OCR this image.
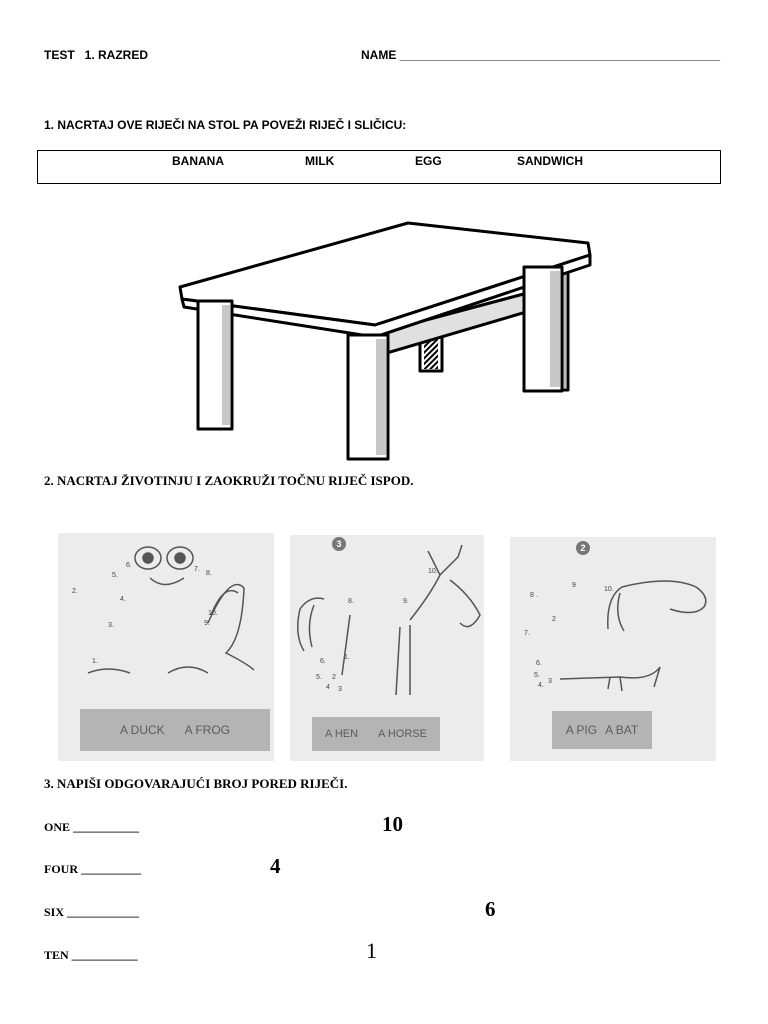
TEST   1. RAZRED	NAME ________________________________________________
1. NACRTAJ OVE RIJEČI NA STOL PA POVEŽI RIJEČ I SLIČICU:
BANANA	MILK	EGG	SANDWICH
2. NACRTAJ ŽIVOTINJU I ZAOKRUŽI TOČNU RIJEČ ISPOD.
2.
4.
5.
6.
7.
8.
9.
10.
3.
1.
A DUCK A FROG
3
10.
9.
8.
6.
5. 2
3
1.
4
A HEN A HORSE
2
8 .
9
10.
7.
6.
5.
4.
2
3
A PIG A BAT
3. NAPIŠI ODGOVARAJUĆI BROJ PORED RIJEČI.
ONE ___________	10
FOUR __________	4
SIX ____________	6
TEN ___________	1
